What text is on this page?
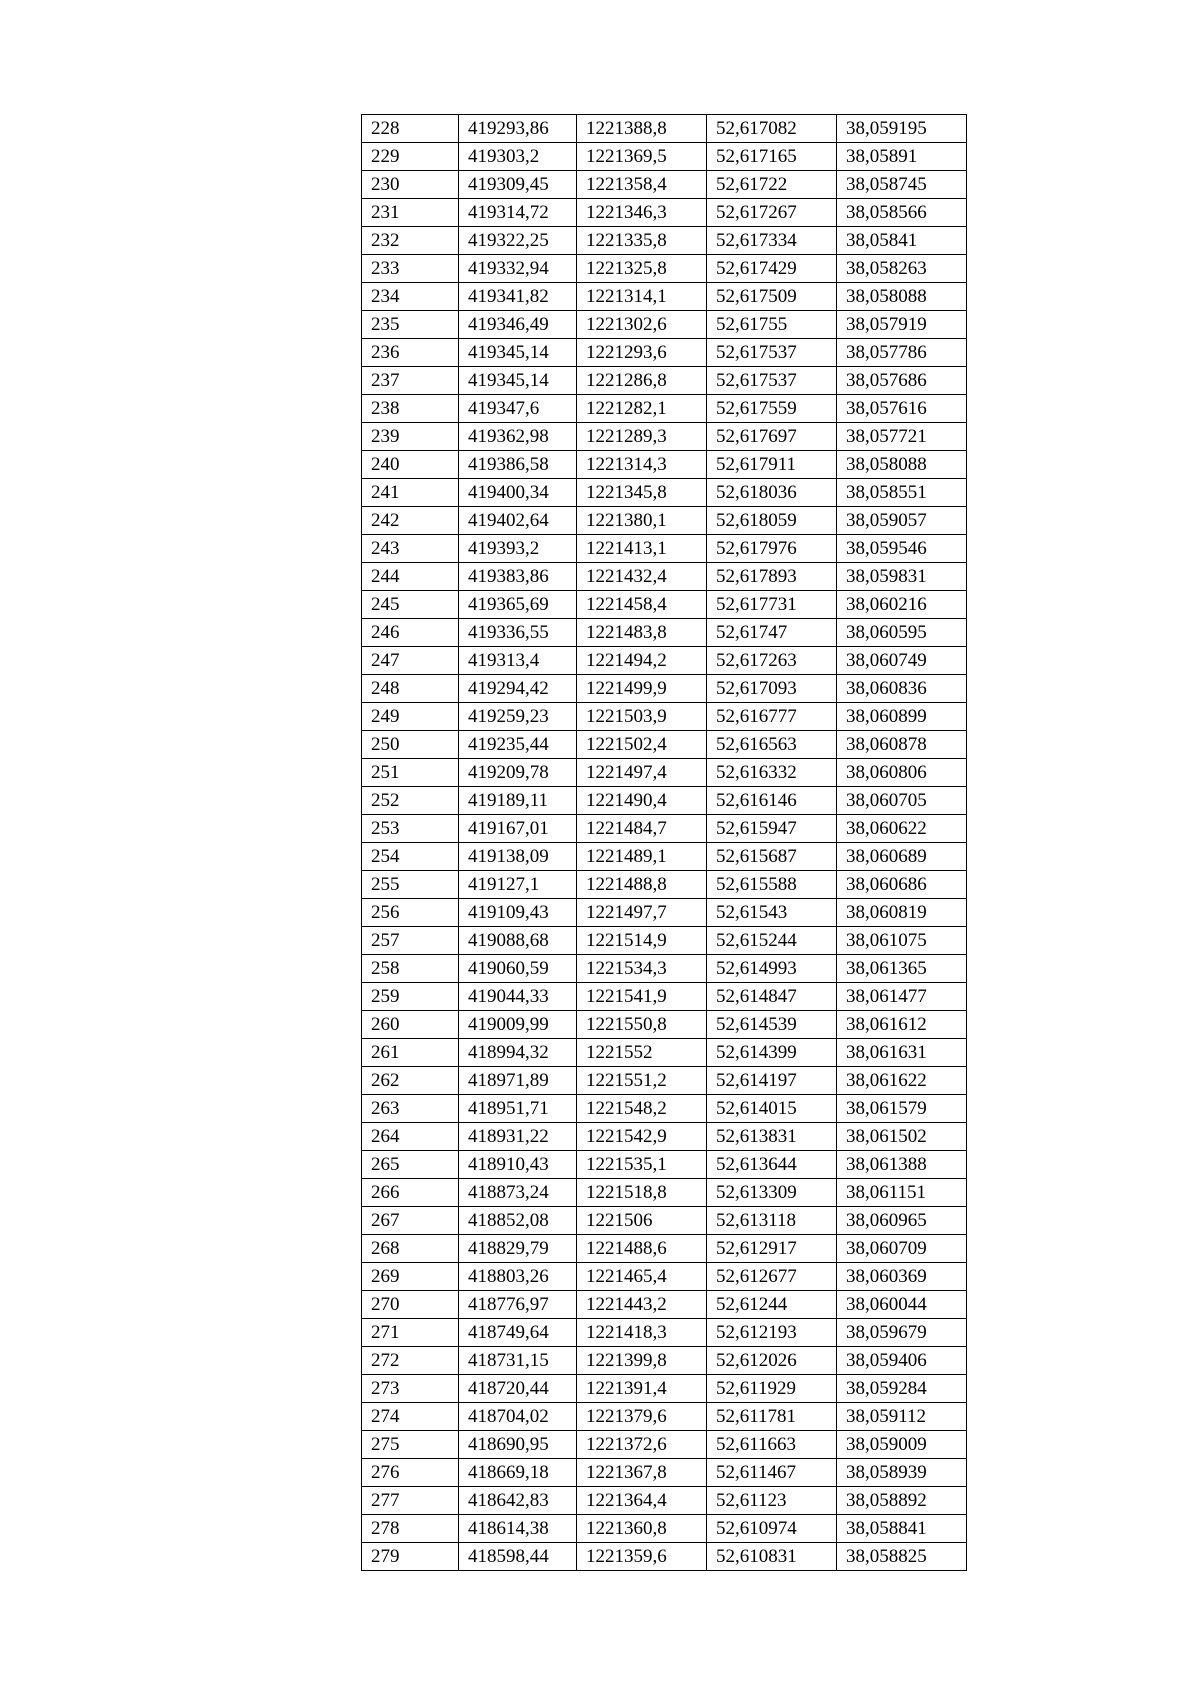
228	419293,86	1221388,8	52,617082	38,059195
229	419303,2	1221369,5	52,617165	38,05891
230	419309,45	1221358,4	52,61722	38,058745
231	419314,72	1221346,3	52,617267	38,058566
232	419322,25	1221335,8	52,617334	38,05841
233	419332,94	1221325,8	52,617429	38,058263
234	419341,82	1221314,1	52,617509	38,058088
235	419346,49	1221302,6	52,61755	38,057919
236	419345,14	1221293,6	52,617537	38,057786
237	419345,14	1221286,8	52,617537	38,057686
238	419347,6	1221282,1	52,617559	38,057616
239	419362,98	1221289,3	52,617697	38,057721
240	419386,58	1221314,3	52,617911	38,058088
241	419400,34	1221345,8	52,618036	38,058551
242	419402,64	1221380,1	52,618059	38,059057
243	419393,2	1221413,1	52,617976	38,059546
244	419383,86	1221432,4	52,617893	38,059831
245	419365,69	1221458,4	52,617731	38,060216
246	419336,55	1221483,8	52,61747	38,060595
247	419313,4	1221494,2	52,617263	38,060749
248	419294,42	1221499,9	52,617093	38,060836
249	419259,23	1221503,9	52,616777	38,060899
250	419235,44	1221502,4	52,616563	38,060878
251	419209,78	1221497,4	52,616332	38,060806
252	419189,11	1221490,4	52,616146	38,060705
253	419167,01	1221484,7	52,615947	38,060622
254	419138,09	1221489,1	52,615687	38,060689
255	419127,1	1221488,8	52,615588	38,060686
256	419109,43	1221497,7	52,61543	38,060819
257	419088,68	1221514,9	52,615244	38,061075
258	419060,59	1221534,3	52,614993	38,061365
259	419044,33	1221541,9	52,614847	38,061477
260	419009,99	1221550,8	52,614539	38,061612
261	418994,32	1221552	52,614399	38,061631
262	418971,89	1221551,2	52,614197	38,061622
263	418951,71	1221548,2	52,614015	38,061579
264	418931,22	1221542,9	52,613831	38,061502
265	418910,43	1221535,1	52,613644	38,061388
266	418873,24	1221518,8	52,613309	38,061151
267	418852,08	1221506	52,613118	38,060965
268	418829,79	1221488,6	52,612917	38,060709
269	418803,26	1221465,4	52,612677	38,060369
270	418776,97	1221443,2	52,61244	38,060044
271	418749,64	1221418,3	52,612193	38,059679
272	418731,15	1221399,8	52,612026	38,059406
273	418720,44	1221391,4	52,611929	38,059284
274	418704,02	1221379,6	52,611781	38,059112
275	418690,95	1221372,6	52,611663	38,059009
276	418669,18	1221367,8	52,611467	38,058939
277	418642,83	1221364,4	52,61123	38,058892
278	418614,38	1221360,8	52,610974	38,058841
279	418598,44	1221359,6	52,610831	38,058825
